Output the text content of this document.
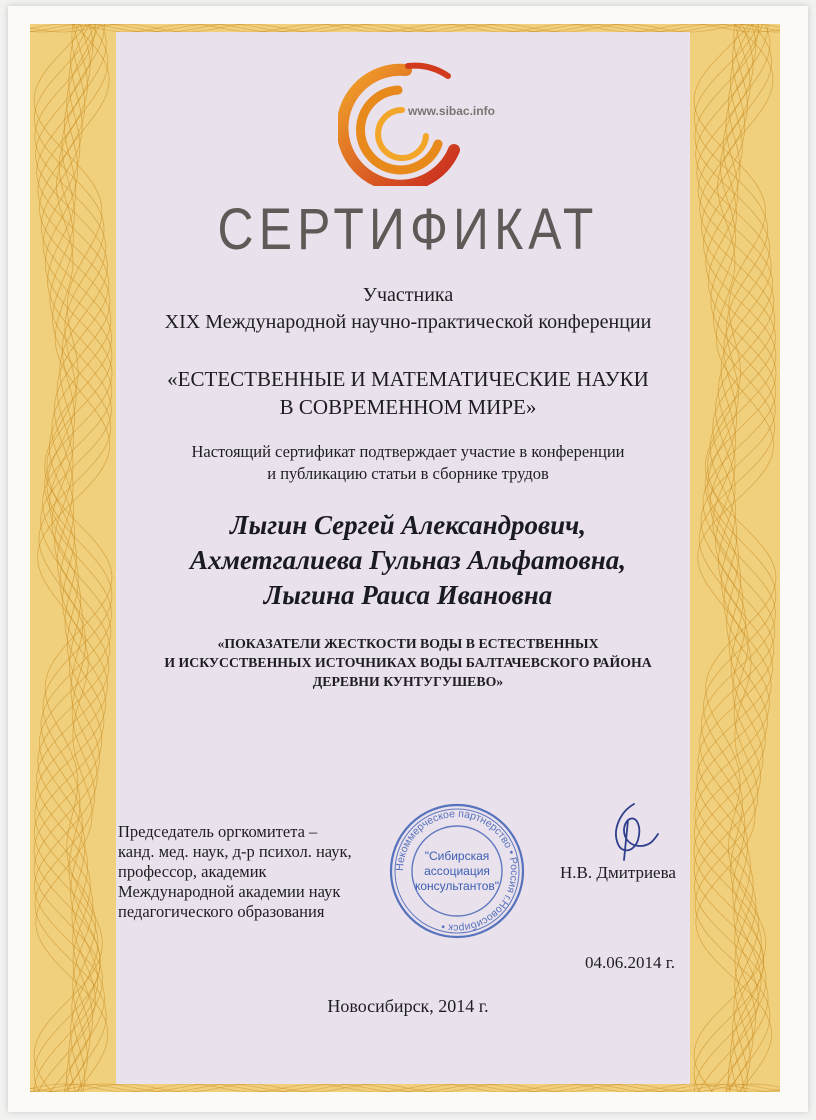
www.sibac.info
СЕРТИФИКАТ
Участника
XIX Международной научно-практической конференции
«ЕСТЕСТВЕННЫЕ И МАТЕМАТИЧЕСКИЕ НАУКИ
В СОВРЕМЕННОМ МИРЕ»
Настоящий сертификат подтверждает участие в конференции
и публикацию статьи в сборнике трудов
Лыгин Сергей Александрович,
Ахметгалиева Гульназ Альфатовна,
Лыгина Раиса Ивановна
«ПОКАЗАТЕЛИ ЖЕСТКОСТИ ВОДЫ В ЕСТЕСТВЕННЫХ
И ИСКУССТВЕННЫХ ИСТОЧНИКАХ ВОДЫ БАЛТАЧЕВСКОГО РАЙОНА
ДЕРЕВНИ КУНТУГУШЕВО»
Председатель оргкомитета –
канд. мед. наук, д-р психол. наук,
профессор, академик
Международной академии наук
педагогического образования
Некоммерческое партнерство • Россия г.Новосибирск •
"Сибирская
ассоциация
консультантов"
Н.В. Дмитриева
04.06.2014 г.
Новосибирск, 2014 г.
